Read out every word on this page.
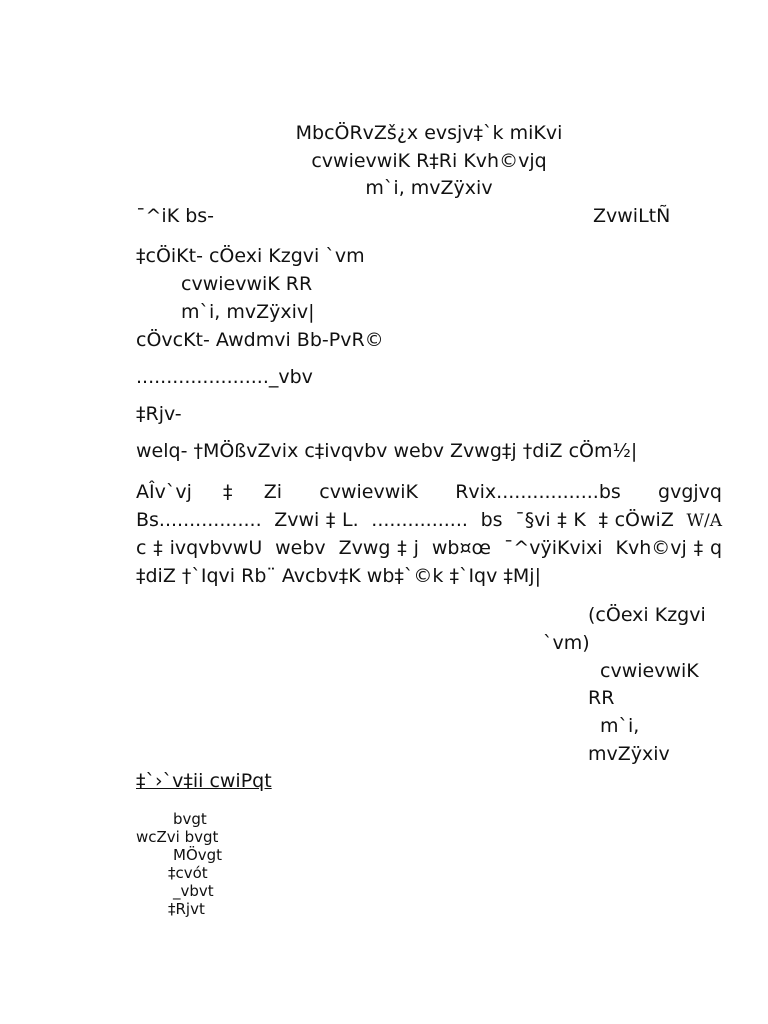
MbcÖRvZš¿x evsjv‡`k miKvi
cvwievwiK R‡Ri Kvh©vjq
m`i, mvZÿxiv
¯^iK bs-	ZvwiLtÑ
‡cÖiKt- cÖexi Kzgvi `vm
cvwievwiK RR
m`i, mvZÿxiv|
cÖvcKt- Awdmvi Bb-PvR©
......................_vbv
‡Rjv-
welq- †MÖßvZvix c‡ivqvbv webv Zvwg‡j †diZ cÖm½|
AÎv`vj‡Zi cvwievwiK Rvix.................bs gvgjvq
Bs................. Zvwi‡L. ................ bs ¯§vi‡K ‡cÖwiZ W/A
c‡ivqvbvwU webv Zvwg‡j wb¤œ ¯^vÿiKvixi Kvh©vj‡q
‡diZ †`Iqvi Rb¨ Avcbv‡K wb‡`©k ‡`Iqv ‡Mj|
(cÖexi Kzgvi
`vm)
cvwievwiK
RR
m`i,
mvZÿxiv
‡`›`v‡ii cwiPqt
bvgt
wcZvi bvgt
MÖvgt
‡cvót
_vbvt
‡Rjvt
